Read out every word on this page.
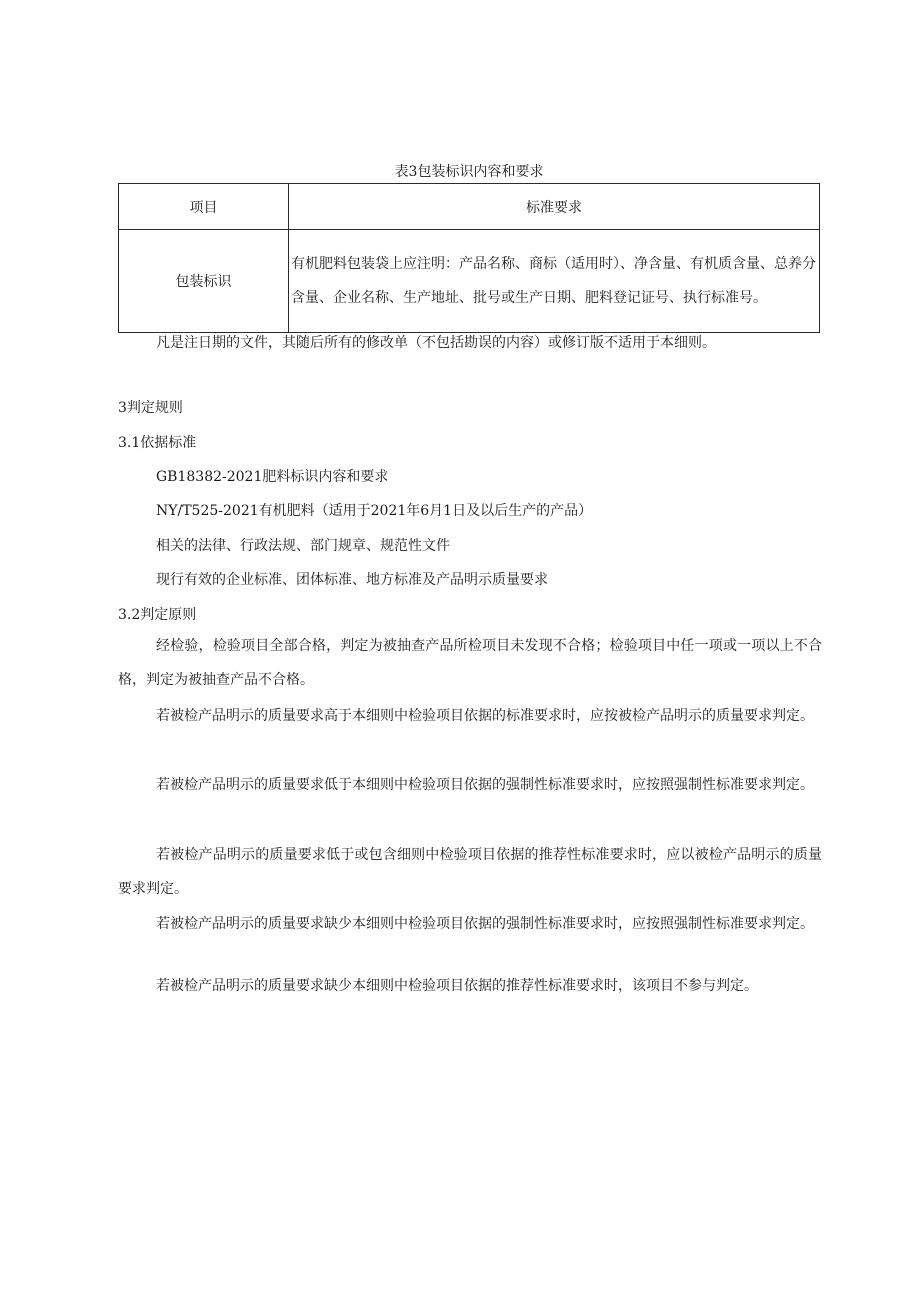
表3包装标识内容和要求
项目	标准要求
包装标识	有机肥料包装袋上应注明：产品名称、商标（适用时）、净含量、有机质含量、总养分含量、企业名称、生产地址、批号或生产日期、肥料登记证号、执行标准号。
凡是注日期的文件，其随后所有的修改单（不包括勘误的内容）或修订版不适用于本细则。
3判定规则
3.1依据标准
GB18382-2021肥料标识内容和要求
NY/T525-2021有机肥料（适用于2021年6月1日及以后生产的产品）
相关的法律、行政法规、部门规章、规范性文件
现行有效的企业标准、团体标准、地方标准及产品明示质量要求
3.2判定原则
经检验，检验项目全部合格，判定为被抽查产品所检项目未发现不合格；检验项目中任一项或一项以上不合格，判定为被抽查产品不合格。
若被检产品明示的质量要求高于本细则中检验项目依据的标准要求时，应按被检产品明示的质量要求判定。
若被检产品明示的质量要求低于本细则中检验项目依据的强制性标准要求时，应按照强制性标准要求判定。
若被检产品明示的质量要求低于或包含细则中检验项目依据的推荐性标准要求时，应以被检产品明示的质量要求判定。
若被检产品明示的质量要求缺少本细则中检验项目依据的强制性标准要求时，应按照强制性标准要求判定。
若被检产品明示的质量要求缺少本细则中检验项目依据的推荐性标准要求时，该项目不参与判定。
